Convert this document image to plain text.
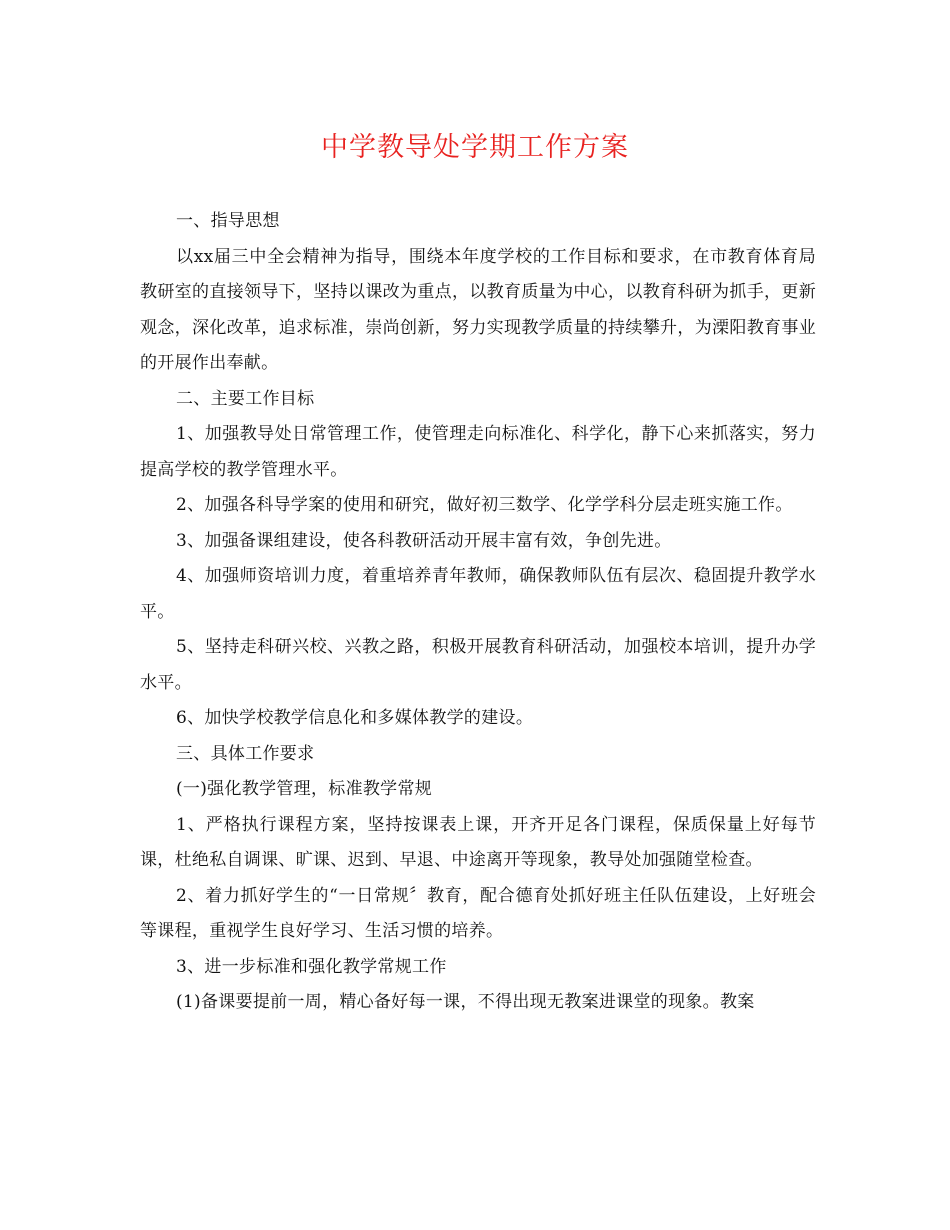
中学教导处学期工作方案

一、指导思想

以xx届三中全会精神为指导，围绕本年度学校的工作目标和要求，在市教育体育局教研室的直接领导下，坚持以课改为重点，以教育质量为中心，以教育科研为抓手，更新观念，深化改革，追求标准，崇尚创新，努力实现教学质量的持续攀升，为溧阳教育事业的开展作出奉献。

二、主要工作目标

1、加强教导处日常管理工作，使管理走向标准化、科学化，静下心来抓落实，努力提高学校的教学管理水平。

2、加强各科导学案的使用和研究，做好初三数学、化学学科分层走班实施工作。

3、加强备课组建设，使各科教研活动开展丰富有效，争创先进。

4、加强师资培训力度，着重培养青年教师，确保教师队伍有层次、稳固提升教学水平。

5、坚持走科研兴校、兴教之路，积极开展教育科研活动，加强校本培训，提升办学水平。

6、加快学校教学信息化和多媒体教学的建设。

三、具体工作要求

(一)强化教学管理，标准教学常规

1、严格执行课程方案，坚持按课表上课，开齐开足各门课程，保质保量上好每节课，杜绝私自调课、旷课、迟到、早退、中途离开等现象，教导处加强随堂检查。

2、着力抓好学生的“一日常规〞教育，配合德育处抓好班主任队伍建设，上好班会等课程，重视学生良好学习、生活习惯的培养。

3、进一步标准和强化教学常规工作

(1)备课要提前一周，精心备好每一课，不得出现无教案进课堂的现象。教案
